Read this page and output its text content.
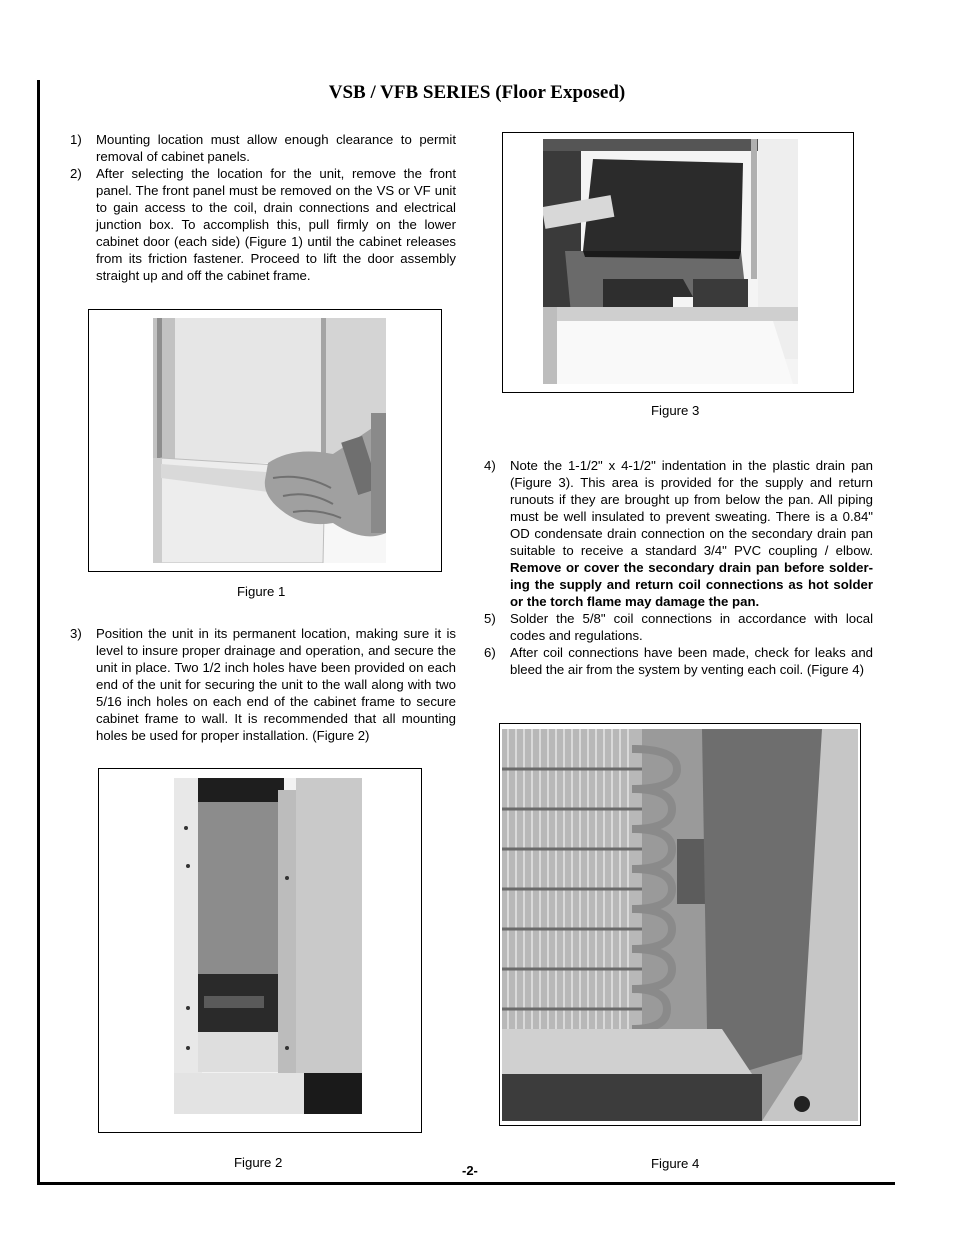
VSB / VFB SERIES (Floor Exposed)
1) Mounting location must allow enough clearance to permit removal of cabinet panels.
2) After selecting the location for the unit, remove the front panel. The front panel must be removed on the VS or VF unit to gain access to the coil, drain connections and electrical junction box. To accomplish this, pull firmly on the lower cabinet door (each side) (Figure 1) until the cabinet releases from its friction fastener. Proceed to lift the door assembly straight up and off the cabinet frame.
Figure 1
3) Position the unit in its permanent location, making sure it is level to insure proper drainage and operation, and secure the unit in place. Two 1/2 inch holes have been provided on each end of the unit for securing the unit to the wall along with two 5/16 inch holes on each end of the cabinet frame to secure cabinet frame to wall. It is recommended that all mounting holes be used for proper installation. (Figure 2)
Figure 2
Figure 3
4) Note the 1-1/2" x 4-1/2" indentation in the plastic drain pan (Figure 3). This area is provided for the supply and return runouts if they are brought up from below the pan. All piping must be well insulated to prevent sweating. There is a 0.84" OD condensate drain connection on the secondary drain pan suitable to receive a standard 3/4" PVC coupling / elbow. Remove or cover the secondary drain pan before solder-ing the supply and return coil connections as hot solder or the torch flame may damage the pan.
5) Solder the 5/8" coil connections in accordance with local codes and regulations.
6) After coil connections have been made, check for leaks and bleed the air from the system by venting each coil. (Figure 4)
Figure 4
-2-
